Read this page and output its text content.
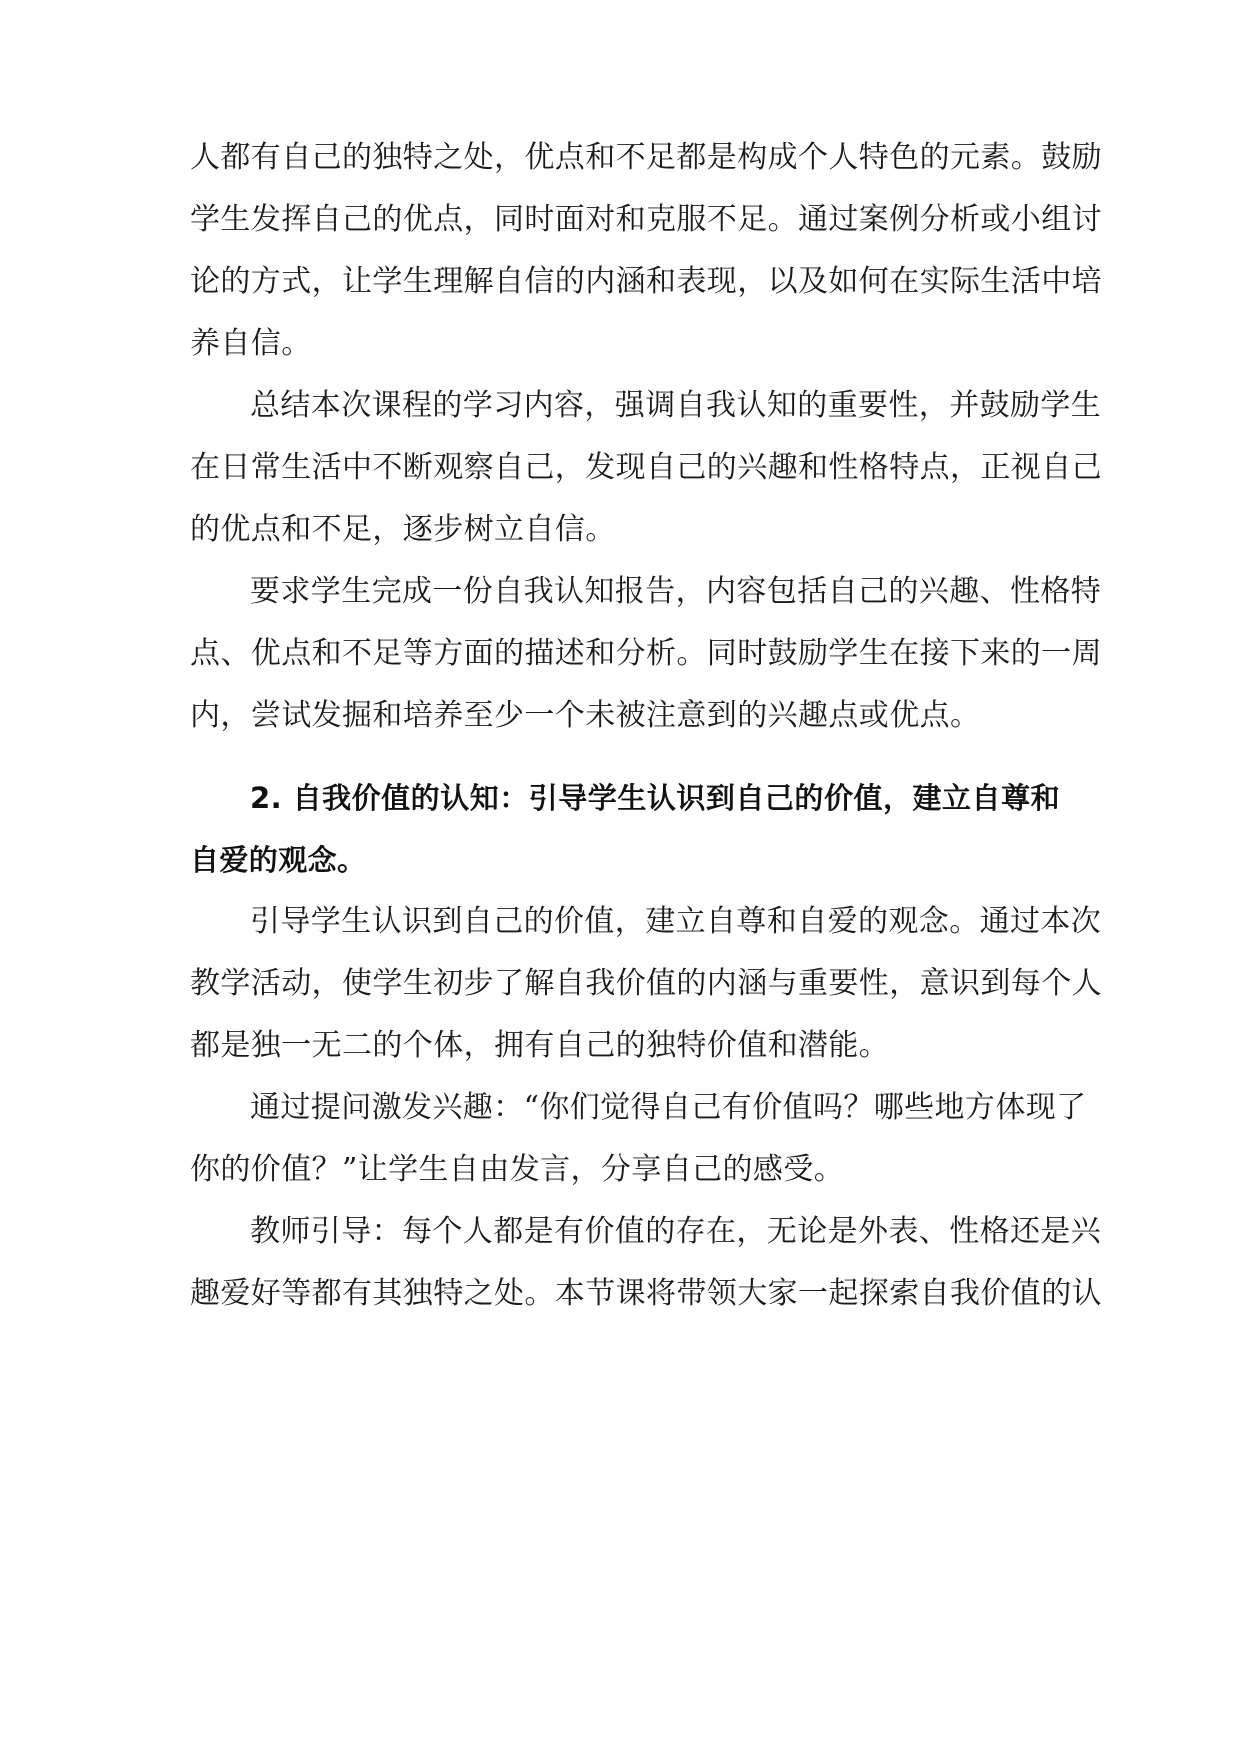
人都有自己的独特之处，优点和不足都是构成个人特色的元素。鼓励
学生发挥自己的优点，同时面对和克服不足。通过案例分析或小组讨
论的方式，让学生理解自信的内涵和表现，以及如何在实际生活中培
养自信。
总结本次课程的学习内容，强调自我认知的重要性，并鼓励学生
在日常生活中不断观察自己，发现自己的兴趣和性格特点，正视自己
的优点和不足，逐步树立自信。
要求学生完成一份自我认知报告，内容包括自己的兴趣、性格特
点、优点和不足等方面的描述和分析。同时鼓励学生在接下来的一周
内，尝试发掘和培养至少一个未被注意到的兴趣点或优点。
2. 自我价值的认知：引导学生认识到自己的价值，建立自尊和
自爱的观念。
引导学生认识到自己的价值，建立自尊和自爱的观念。通过本次
教学活动，使学生初步了解自我价值的内涵与重要性，意识到每个人
都是独一无二的个体，拥有自己的独特价值和潜能。
通过提问激发兴趣：“你们觉得自己有价值吗？哪些地方体现了
你的价值？”让学生自由发言，分享自己的感受。
教师引导：每个人都是有价值的存在，无论是外表、性格还是兴
趣爱好等都有其独特之处。本节课将带领大家一起探索自我价值的认
